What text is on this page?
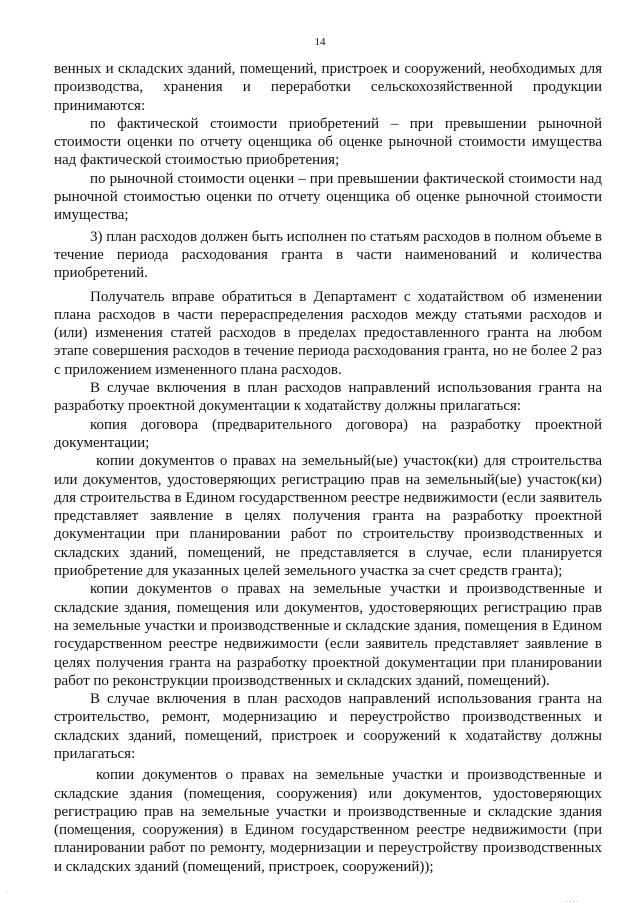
14

венных и складских зданий, помещений, пристроек и сооружений, необходимых для производства, хранения и переработки сельскохозяйственной продукции принимаются:

по фактической стоимости приобретений – при превышении рыночной стоимости оценки по отчету оценщика об оценке рыночной стоимости имущества над фактической стоимостью приобретения;

по рыночной стоимости оценки – при превышении фактической стоимости над рыночной стоимостью оценки по отчету оценщика об оценке рыночной стоимости имущества;

3) план расходов должен быть исполнен по статьям расходов в полном объеме в течение периода расходования гранта в части наименований и количества приобретений.

Получатель вправе обратиться в Департамент с ходатайством об изменении плана расходов в части перераспределения расходов между статьями расходов и (или) изменения статей расходов в пределах предоставленного гранта на любом этапе совершения расходов в течение периода расходования гранта, но не более 2 раз с приложением измененного плана расходов.

В случае включения в план расходов направлений использования гранта на разработку проектной документации к ходатайству должны прилагаться:

копия договора (предварительного договора) на разработку проектной документации;

копии документов о правах на земельный(ые) участок(ки) для строительства или документов, удостоверяющих регистрацию прав на земельный(ые) участок(ки) для строительства в Едином государственном реестре недвижимости (если заявитель представляет заявление в целях получения гранта на разработку проектной документации при планировании работ по строительству производственных и складских зданий, помещений, не представляется в случае, если планируется приобретение для указанных целей земельного участка за счет средств гранта);

копии документов о правах на земельные участки и производственные и складские здания, помещения или документов, удостоверяющих регистрацию прав на земельные участки и производственные и складские здания, помещения в Едином государственном реестре недвижимости (если заявитель представляет заявление в целях получения гранта на разработку проектной документации при планировании работ по реконструкции производственных и складских зданий, помещений).

В случае включения в план расходов направлений использования гранта на строительство, ремонт, модернизацию и переустройство производственных и складских зданий, помещений, пристроек и сооружений к ходатайству должны прилагаться:

копии документов о правах на земельные участки и производственные и складские здания (помещения, сооружения) или документов, удостоверяющих регистрацию прав на земельные участки и производственные и складские здания (помещения, сооружения) в Едином государственном реестре недвижимости (при планировании работ по ремонту, модернизации и переустройству производственных и складских зданий (помещений, пристроек, сооружений));

.
. . . .
